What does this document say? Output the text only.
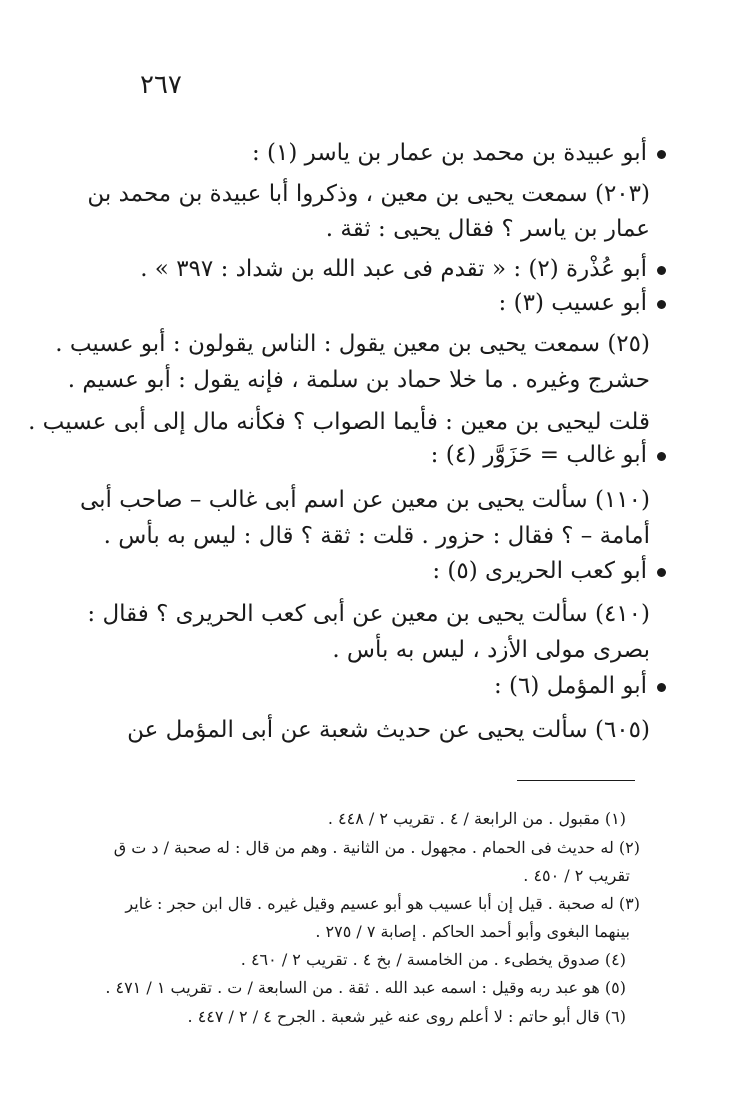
٢٦٧
أبو عبيدة بن محمد بن عمار بن ياسر (١) :
(٢٠٣) سمعت يحيى بن معين ، وذكروا أبا عبيدة بن محمد بن
عمار بن ياسر ؟ فقال يحيى : ثقة .
أبو عُذْرة (٢) : « تقدم فى عبد الله بن شداد : ٣٩٧ » .
أبو عسيب (٣) :
(٢٥) سمعت يحيى بن معين يقول : الناس يقولون : أبو عسيب .
حشرج وغيره . ما خلا حماد بن سلمة ، فإنه يقول : أبو عسيم .
قلت ليحيى بن معين : فأيما الصواب ؟ فكأنه مال إلى أبى عسيب .
أبو غالب = حَزَوَّر (٤) :
(١١٠) سألت يحيى بن معين عن اسم أبى غالب – صاحب أبى
أمامة – ؟ فقال : حزور . قلت : ثقة ؟ قال : ليس به بأس .
أبو كعب الحريرى (٥) :
(٤١٠) سألت يحيى بن معين عن أبى كعب الحريرى ؟ فقال :
بصرى مولى الأزد ، ليس به بأس .
أبو المؤمل (٦) :
(٦٠٥) سألت يحيى عن حديث شعبة عن أبى المؤمل عن
(١) مقبول . من الرابعة / ٤ . تقريب ٢ / ٤٤٨ .
(٢) له حديث فى الحمام . مجهول . من الثانية . وهم من قال : له صحبة / د ت ق
تقريب ٢ / ٤٥٠ .
(٣) له صحبة . قيل إن أبا عسيب هو أبو عسيم وقيل غيره . قال ابن حجر : غاير
بينهما البغوى وأبو أحمد الحاكم . إصابة ٧ / ٢٧٥ .
(٤) صدوق يخطىء . من الخامسة / بخ ٤ . تقريب ٢ / ٤٦٠ .
(٥) هو عبد ربه وقيل : اسمه عبد الله . ثقة . من السابعة / ت . تقريب ١ / ٤٧١ .
(٦) قال أبو حاتم : لا أعلم روى عنه غير شعبة . الجرح ٤ / ٢ / ٤٤٧ .
